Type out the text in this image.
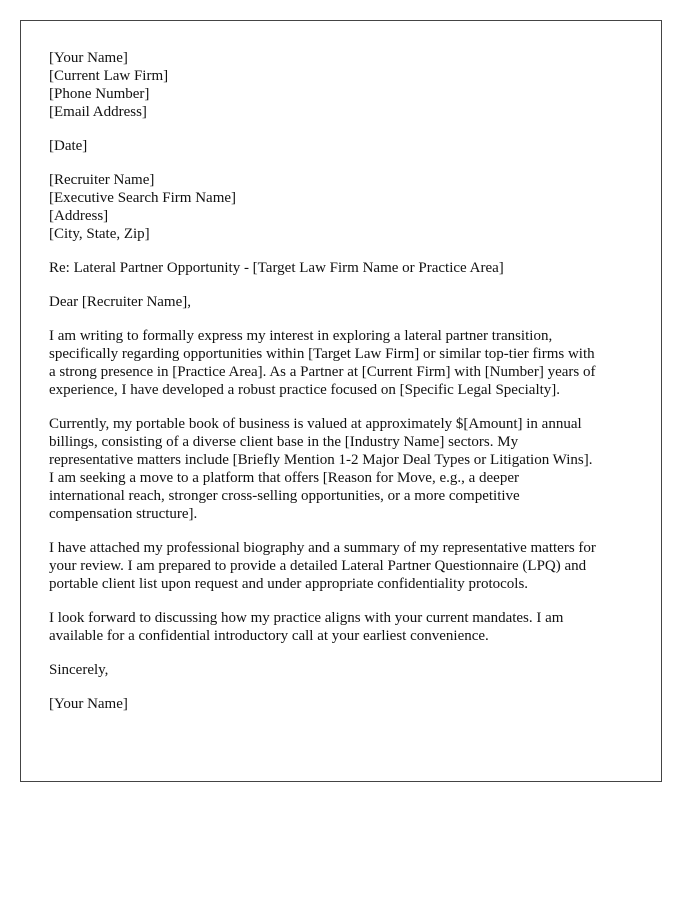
[Your Name]
[Current Law Firm]
[Phone Number]
[Email Address]
[Date]
[Recruiter Name]
[Executive Search Firm Name]
[Address]
[City, State, Zip]
Re: Lateral Partner Opportunity - [Target Law Firm Name or Practice Area]
Dear [Recruiter Name],
I am writing to formally express my interest in exploring a lateral partner transition,
specifically regarding opportunities within [Target Law Firm] or similar top-tier firms with
a strong presence in [Practice Area]. As a Partner at [Current Firm] with [Number] years of
experience, I have developed a robust practice focused on [Specific Legal Specialty].
Currently, my portable book of business is valued at approximately $[Amount] in annual
billings, consisting of a diverse client base in the [Industry Name] sectors. My
representative matters include [Briefly Mention 1-2 Major Deal Types or Litigation Wins].
I am seeking a move to a platform that offers [Reason for Move, e.g., a deeper
international reach, stronger cross-selling opportunities, or a more competitive
compensation structure].
I have attached my professional biography and a summary of my representative matters for
your review. I am prepared to provide a detailed Lateral Partner Questionnaire (LPQ) and
portable client list upon request and under appropriate confidentiality protocols.
I look forward to discussing how my practice aligns with your current mandates. I am
available for a confidential introductory call at your earliest convenience.
Sincerely,
[Your Name]
